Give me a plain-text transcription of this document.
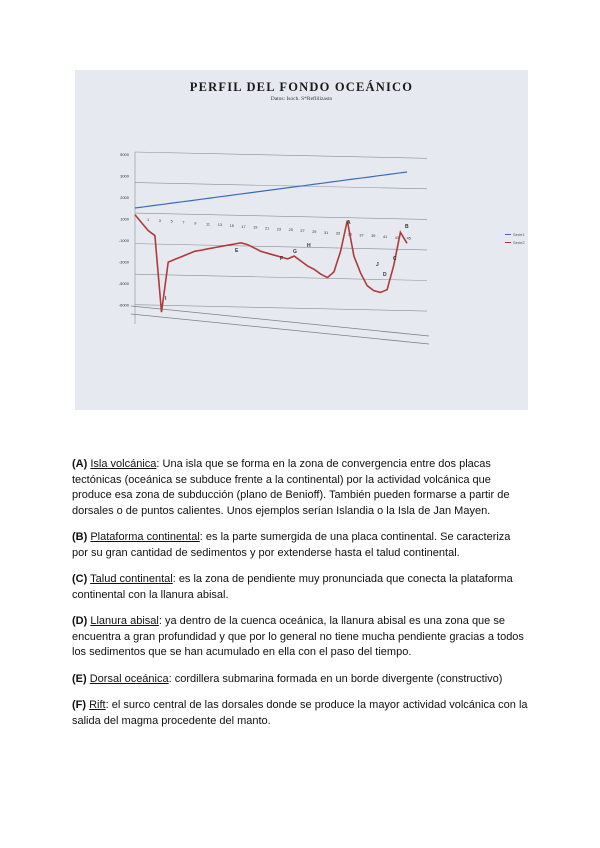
PERFIL DEL FONDO OCEÁNICO
Datos: Isoch. S*Reflilizasto
5000
3000
2000
1000
-1000
-3000
-5000
-6000
1	3	5	7	9	11 13 15 17 19 21 23 25 27 29 31 33 35 37 39 41 43 45
A
B
C
D
E
F
G
H
I
J
Serie1
Serie2

(A) Isla volcánica: Una isla que se forma en la zona de convergencia entre dos placas tectónicas (oceánica se subduce frente a la continental) por la actividad volcánica que produce esa zona de subducción (plano de Benioff). También pueden formarse a partir de dorsales o de puntos calientes. Unos ejemplos serían Islandia o la Isla de Jan Mayen.

(B) Plataforma continental: es la parte sumergida de una placa continental. Se caracteriza por su gran cantidad de sedimentos y por extenderse hasta el talud continental.

(C) Talud continental: es la zona de pendiente muy pronunciada que conecta la plataforma continental con la llanura abisal.

(D) Llanura abisal: ya dentro de la cuenca oceánica, la llanura abisal es una zona que se encuentra a gran profundidad y que por lo general no tiene mucha pendiente gracias a todos los sedimentos que se han acumulado en ella con el paso del tiempo.

(E) Dorsal oceánica: cordillera submarina formada en un borde divergente (constructivo)

(F) Rift: el surco central de las dorsales donde se produce la mayor actividad volcánica con la salida del magma procedente del manto.
